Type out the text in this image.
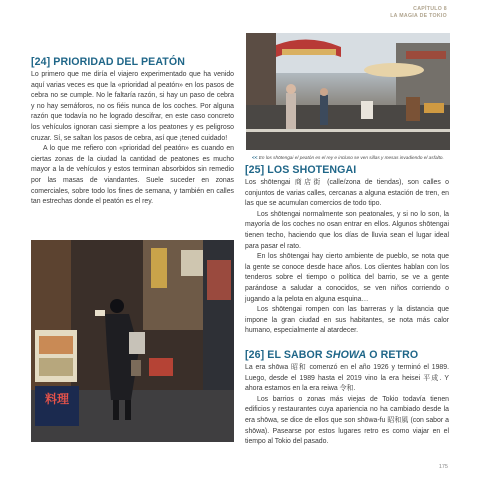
CAPÍTULO 8
LA MAGIA DE TOKIO
<< En los shōtengai el peatón es el rey e incluso se ven sillas y mesas invadiendo el asfalto.
[24] PRIORIDAD DEL PEATÓN

Lo primero que me diría el viajero experimentado que ha venido aquí varias veces es que la «prioridad al peatón» en los pasos de cebra no se cumple. No le faltaría razón, si hay un paso de cebra y no hay semáforos, no os fiéis nunca de los coches. Por alguna razón que todavía no he logrado descifrar, en este caso concreto los vehículos ignoran casi siempre a los peatones y es peligroso cruzar. Sí, se saltan los pasos de cebra, así que ¡tened cuidado!

A lo que me refiero con «prioridad del peatón» es cuando en ciertas zonas de la ciudad la cantidad de peatones es mucho mayor a la de vehículos y estos terminan absorbidos sin remedio por las masas de viandantes. Suele suceder en zonas comerciales, sobre todo los fines de semana, y también en calles tan estrechas donde el peatón es el rey.

料理
[25] LOS SHOTENGAI

Los shōtengai 商店街 (calle/zona de tiendas), son calles o conjuntos de varias calles, cercanas a alguna estación de tren, en las que se acumulan comercios de todo tipo.

Los shōtengai normalmente son peatonales, y si no lo son, la mayoría de los coches no osan entrar en ellos. Algunos shōtengai tienen techo, haciendo que los días de lluvia sean el lugar ideal para pasar el rato.

En los shōtengai hay cierto ambiente de pueblo, se nota que la gente se conoce desde hace años. Los clientes hablan con los tenderos sobre el tiempo o política del barrio, se ve a gente parándose a saludar a conocidos, se ven niños corriendo o jugando a la pelota en alguna esquina…

Los shōtengai rompen con las barreras y la distancia que impone la gran ciudad en sus habitantes, se nota más calor humano, especialmente al atardecer.

[26] EL SABOR SHOWA O RETRO

La era shōwa 昭和 comenzó en el año 1926 y terminó el 1989. Luego, desde el 1989 hasta el 2019 vino la era heisei 平成. Y ahora estamos en la era reiwa 令和.

Los barrios o zonas más viejas de Tokio todavía tienen edificios y restaurantes cuya apariencia no ha cambiado desde la era shōwa, se dice de ellos que son shōwa-fu 昭和風 (con sabor a shōwa). Pasearse por estos lugares retro es como viajar en el tiempo al Tokio del pasado.

175
